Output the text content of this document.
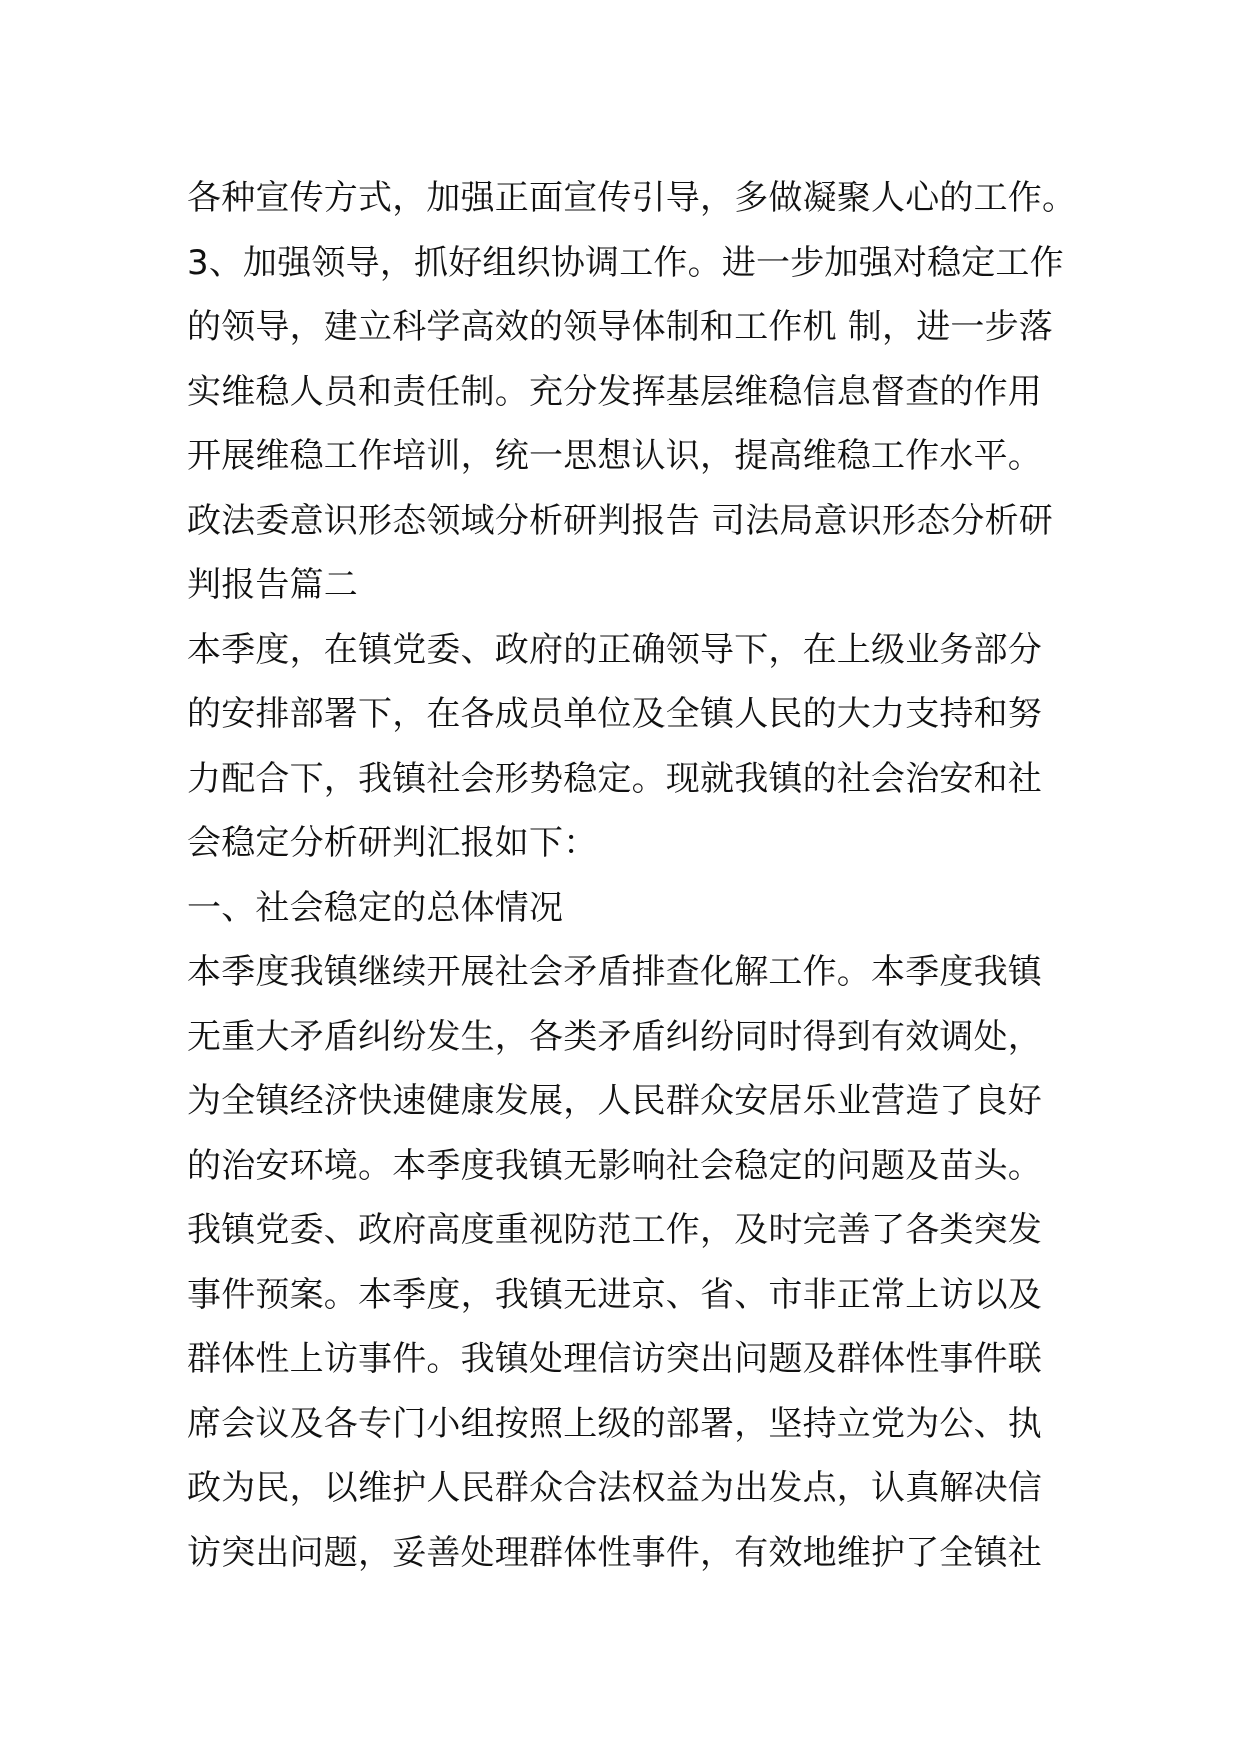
各种宣传方式，加强正面宣传引导，多做凝聚人心的工作。
3、加强领导，抓好组织协调工作。进一步加强对稳定工作
的领导，建立科学高效的领导体制和工作机 制，进一步落
实维稳人员和责任制。充分发挥基层维稳信息督查的作用
开展维稳工作培训，统一思想认识，提高维稳工作水平。
政法委意识形态领域分析研判报告 司法局意识形态分析研
判报告篇二
本季度，在镇党委、政府的正确领导下，在上级业务部分
的安排部署下，在各成员单位及全镇人民的大力支持和努
力配合下，我镇社会形势稳定。现就我镇的社会治安和社
会稳定分析研判汇报如下：
一、社会稳定的总体情况
本季度我镇继续开展社会矛盾排查化解工作。本季度我镇
无重大矛盾纠纷发生，各类矛盾纠纷同时得到有效调处，
为全镇经济快速健康发展，人民群众安居乐业营造了良好
的治安环境。本季度我镇无影响社会稳定的问题及苗头。
我镇党委、政府高度重视防范工作，及时完善了各类突发
事件预案。本季度，我镇无进京、省、市非正常上访以及
群体性上访事件。我镇处理信访突出问题及群体性事件联
席会议及各专门小组按照上级的部署，坚持立党为公、执
政为民，以维护人民群众合法权益为出发点，认真解决信
访突出问题，妥善处理群体性事件，有效地维护了全镇社
